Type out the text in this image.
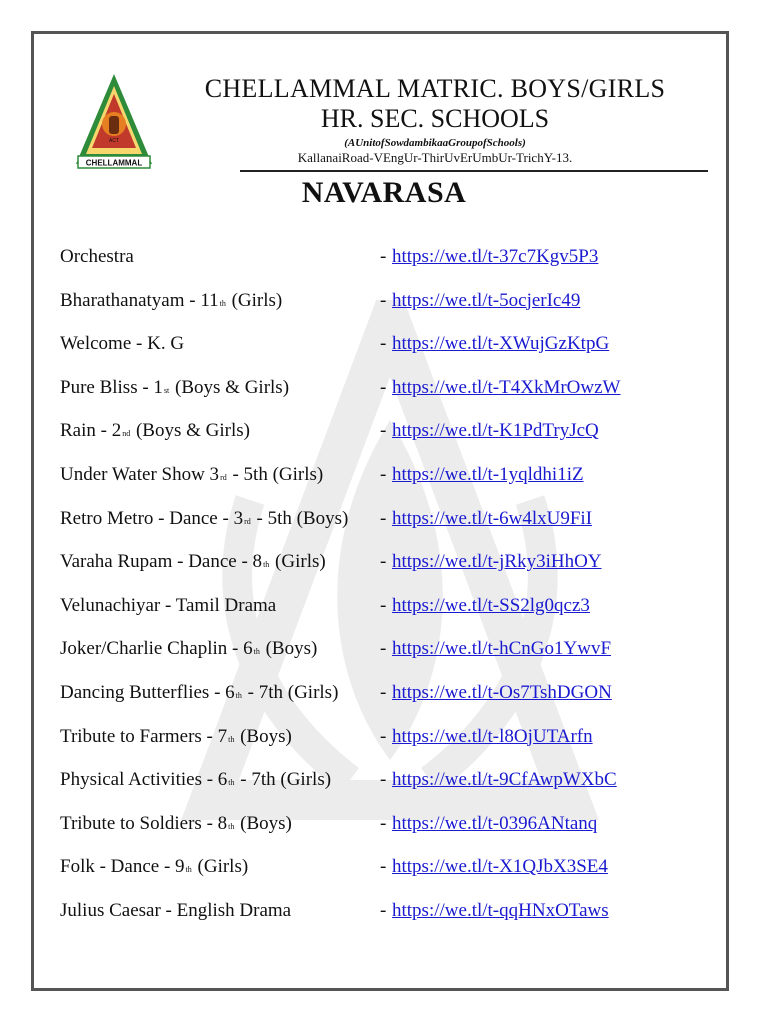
CHELLAMMAL
ACT
CHELLAMMAL MATRIC. BOYS/GIRLS
HR. SEC. SCHOOLS
(AUnitofSowdambikaaGroupofSchools)
KallanaiRoad-VEngUr-ThirUvErUmbUr-TrichY-13.
NAVARASA
Orchestra	- https://we.tl/t-37c7Kgv5P3
Bharathanatyam - 11th (Girls)	- https://we.tl/t-5ocjerIc49
Welcome - K. G	- https://we.tl/t-XWujGzKtpG
Pure Bliss - 1st (Boys & Girls)	- https://we.tl/t-T4XkMrOwzW
Rain - 2nd (Boys & Girls)	- https://we.tl/t-K1PdTryJcQ
Under Water Show 3rd - 5th (Girls)	- https://we.tl/t-1yqldhi1iZ
Retro Metro - Dance - 3rd - 5th (Boys) - https://we.tl/t-6w4lxU9FiI
Varaha Rupam - Dance - 8th (Girls)	- https://we.tl/t-jRky3iHhOY
Velunachiyar - Tamil Drama	- https://we.tl/t-SS2lg0qcz3
Joker/Charlie Chaplin - 6th (Boys)	- https://we.tl/t-hCnGo1YwvF
Dancing Butterflies - 6th - 7th (Girls) - https://we.tl/t-Os7TshDGON
Tribute to Farmers - 7th (Boys)	- https://we.tl/t-l8OjUTArfn
Physical Activities - 6th - 7th (Girls)	- https://we.tl/t-9CfAwpWXbC
Tribute to Soldiers - 8th (Boys)	- https://we.tl/t-0396ANtanq
Folk - Dance - 9th (Girls)	- https://we.tl/t-X1QJbX3SE4
Julius Caesar - English Drama	- https://we.tl/t-qqHNxOTaws
